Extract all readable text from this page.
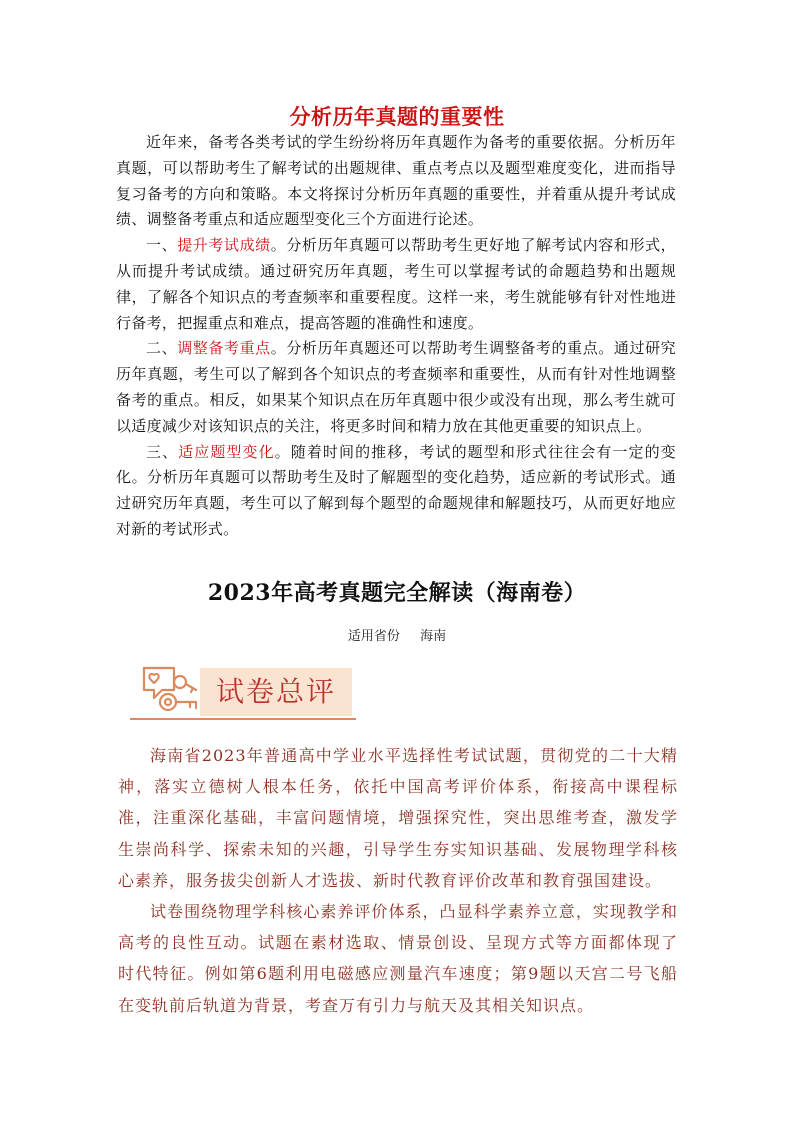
分析历年真题的重要性

近年来，备考各类考试的学生纷纷将历年真题作为备考的重要依据。分析历年真题，可以帮助考生了解考试的出题规律、重点考点以及题型难度变化，进而指导复习备考的方向和策略。本文将探讨分析历年真题的重要性，并着重从提升考试成绩、调整备考重点和适应题型变化三个方面进行论述。

一、提升考试成绩。分析历年真题可以帮助考生更好地了解考试内容和形式，从而提升考试成绩。通过研究历年真题，考生可以掌握考试的命题趋势和出题规律，了解各个知识点的考查频率和重要程度。这样一来，考生就能够有针对性地进行备考，把握重点和难点，提高答题的准确性和速度。

二、调整备考重点。分析历年真题还可以帮助考生调整备考的重点。通过研究历年真题，考生可以了解到各个知识点的考查频率和重要性，从而有针对性地调整备考的重点。相反，如果某个知识点在历年真题中很少或没有出现，那么考生就可以适度减少对该知识点的关注，将更多时间和精力放在其他更重要的知识点上。

三、适应题型变化。随着时间的推移，考试的题型和形式往往会有一定的变化。分析历年真题可以帮助考生及时了解题型的变化趋势，适应新的考试形式。通过研究历年真题，考生可以了解到每个题型的命题规律和解题技巧，从而更好地应对新的考试形式。

2023年高考真题完全解读（海南卷）
适用省份 海南
试卷总评

海南省2023年普通高中学业水平选择性考试试题，贯彻党的二十大精神，落实立德树人根本任务，依托中国高考评价体系，衔接高中课程标准，注重深化基础，丰富问题情境，增强探究性，突出思维考查，激发学生崇尚科学、探索未知的兴趣，引导学生夯实知识基础、发展物理学科核心素养，服务拔尖创新人才选拔、新时代教育评价改革和教育强国建设。

试卷围绕物理学科核心素养评价体系，凸显科学素养立意，实现教学和高考的良性互动。试题在素材选取、情景创设、呈现方式等方面都体现了时代特征。例如第6题利用电磁感应测量汽车速度；第9题以天宫二号飞船在变轨前后轨道为背景，考查万有引力与航天及其相关知识点。
